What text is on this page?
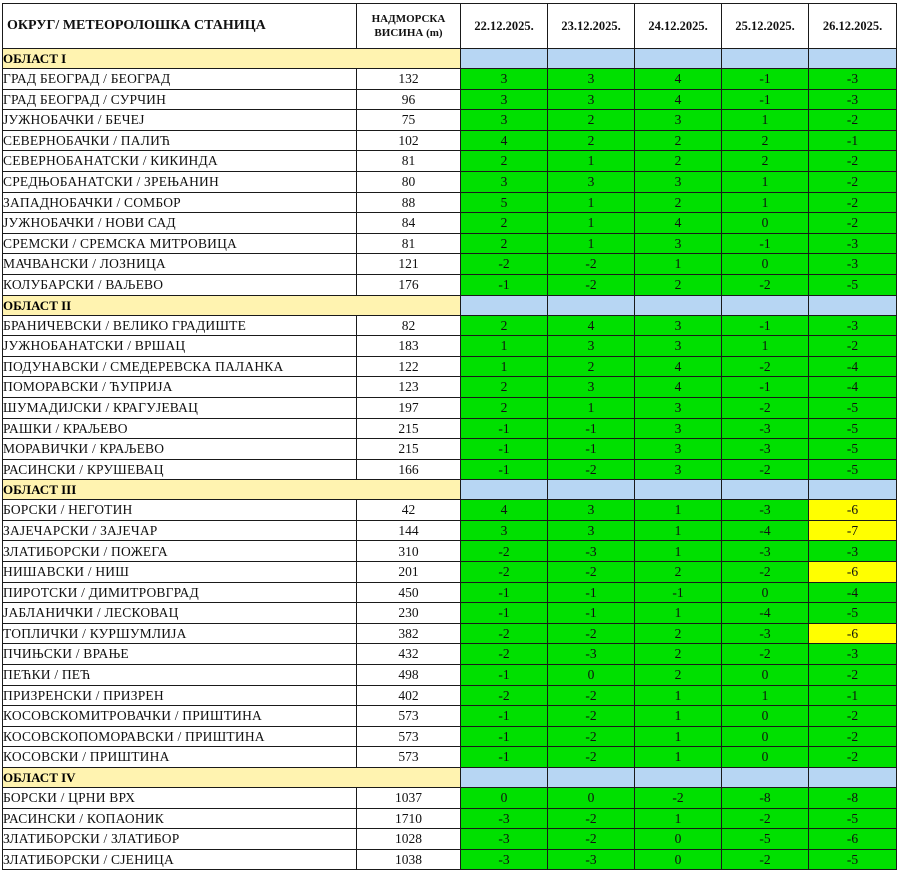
ОКРУГ/ МЕТЕОРОЛОШКА СТАНИЦА	НАДМОРСКА
ВИСИНА (m)	22.12.2025.	23.12.2025.	24.12.2025.	25.12.2025.	26.12.2025.
ОБЛАСТ I						
ГРАД БЕОГРАД / БЕОГРАД	132	3	3	4	-1	-3
ГРАД БЕОГРАД / СУРЧИН	96	3	3	4	-1	-3
ЈУЖНОБАЧКИ / БЕЧЕЈ	75	3	2	3	1	-2
СЕВЕРНОБАЧКИ / ПАЛИЋ	102	4	2	2	2	-1
СЕВЕРНОБАНАТСКИ / КИКИНДА	81	2	1	2	2	-2
СРЕДЊОБАНАТСКИ / ЗРЕЊАНИН	80	3	3	3	1	-2
ЗАПАДНОБАЧКИ / СОМБОР	88	5	1	2	1	-2
ЈУЖНОБАЧКИ / НОВИ САД	84	2	1	4	0	-2
СРЕМСКИ / СРЕМСКА МИТРОВИЦА	81	2	1	3	-1	-3
МАЧВАНСКИ / ЛОЗНИЦА	121	-2	-2	1	0	-3
КОЛУБАРСКИ / ВАЉЕВО	176	-1	-2	2	-2	-5
ОБЛАСТ II						
БРАНИЧЕВСКИ / ВЕЛИКО ГРАДИШТЕ	82	2	4	3	-1	-3
ЈУЖНОБАНАТСКИ / ВРШАЦ	183	1	3	3	1	-2
ПОДУНАВСКИ / СМЕДЕРЕВСКА ПАЛАНКА	122	1	2	4	-2	-4
ПОМОРАВСКИ / ЋУПРИЈА	123	2	3	4	-1	-4
ШУМАДИЈСКИ / КРАГУЈЕВАЦ	197	2	1	3	-2	-5
РАШКИ / КРАЉЕВО	215	-1	-1	3	-3	-5
МОРАВИЧКИ / КРАЉЕВО	215	-1	-1	3	-3	-5
РАСИНСКИ / КРУШЕВАЦ	166	-1	-2	3	-2	-5
ОБЛАСТ III						
БОРСКИ / НЕГОТИН	42	4	3	1	-3	-6
ЗАЈЕЧАРСКИ / ЗАЈЕЧАР	144	3	3	1	-4	-7
ЗЛАТИБОРСКИ / ПОЖЕГА	310	-2	-3	1	-3	-3
НИШАВСКИ / НИШ	201	-2	-2	2	-2	-6
ПИРОТСКИ / ДИМИТРОВГРАД	450	-1	-1	-1	0	-4
ЈАБЛАНИЧКИ / ЛЕСКОВАЦ	230	-1	-1	1	-4	-5
ТОПЛИЧКИ / КУРШУМЛИЈА	382	-2	-2	2	-3	-6
ПЧИЊСКИ / ВРАЊЕ	432	-2	-3	2	-2	-3
ПЕЋКИ / ПЕЋ	498	-1	0	2	0	-2
ПРИЗРЕНСКИ / ПРИЗРЕН	402	-2	-2	1	1	-1
КОСОВСКОМИТРОВАЧКИ / ПРИШТИНА	573	-1	-2	1	0	-2
КОСОВСКОПОМОРАВСКИ / ПРИШТИНА	573	-1	-2	1	0	-2
КОСОВСКИ / ПРИШТИНА	573	-1	-2	1	0	-2
ОБЛАСТ IV						
БОРСКИ / ЦРНИ ВРХ	1037	0	0	-2	-8	-8
РАСИНСКИ / КОПАОНИК	1710	-3	-2	1	-2	-5
ЗЛАТИБОРСКИ / ЗЛАТИБОР	1028	-3	-2	0	-5	-6
ЗЛАТИБОРСКИ / СЈЕНИЦА	1038	-3	-3	0	-2	-5
